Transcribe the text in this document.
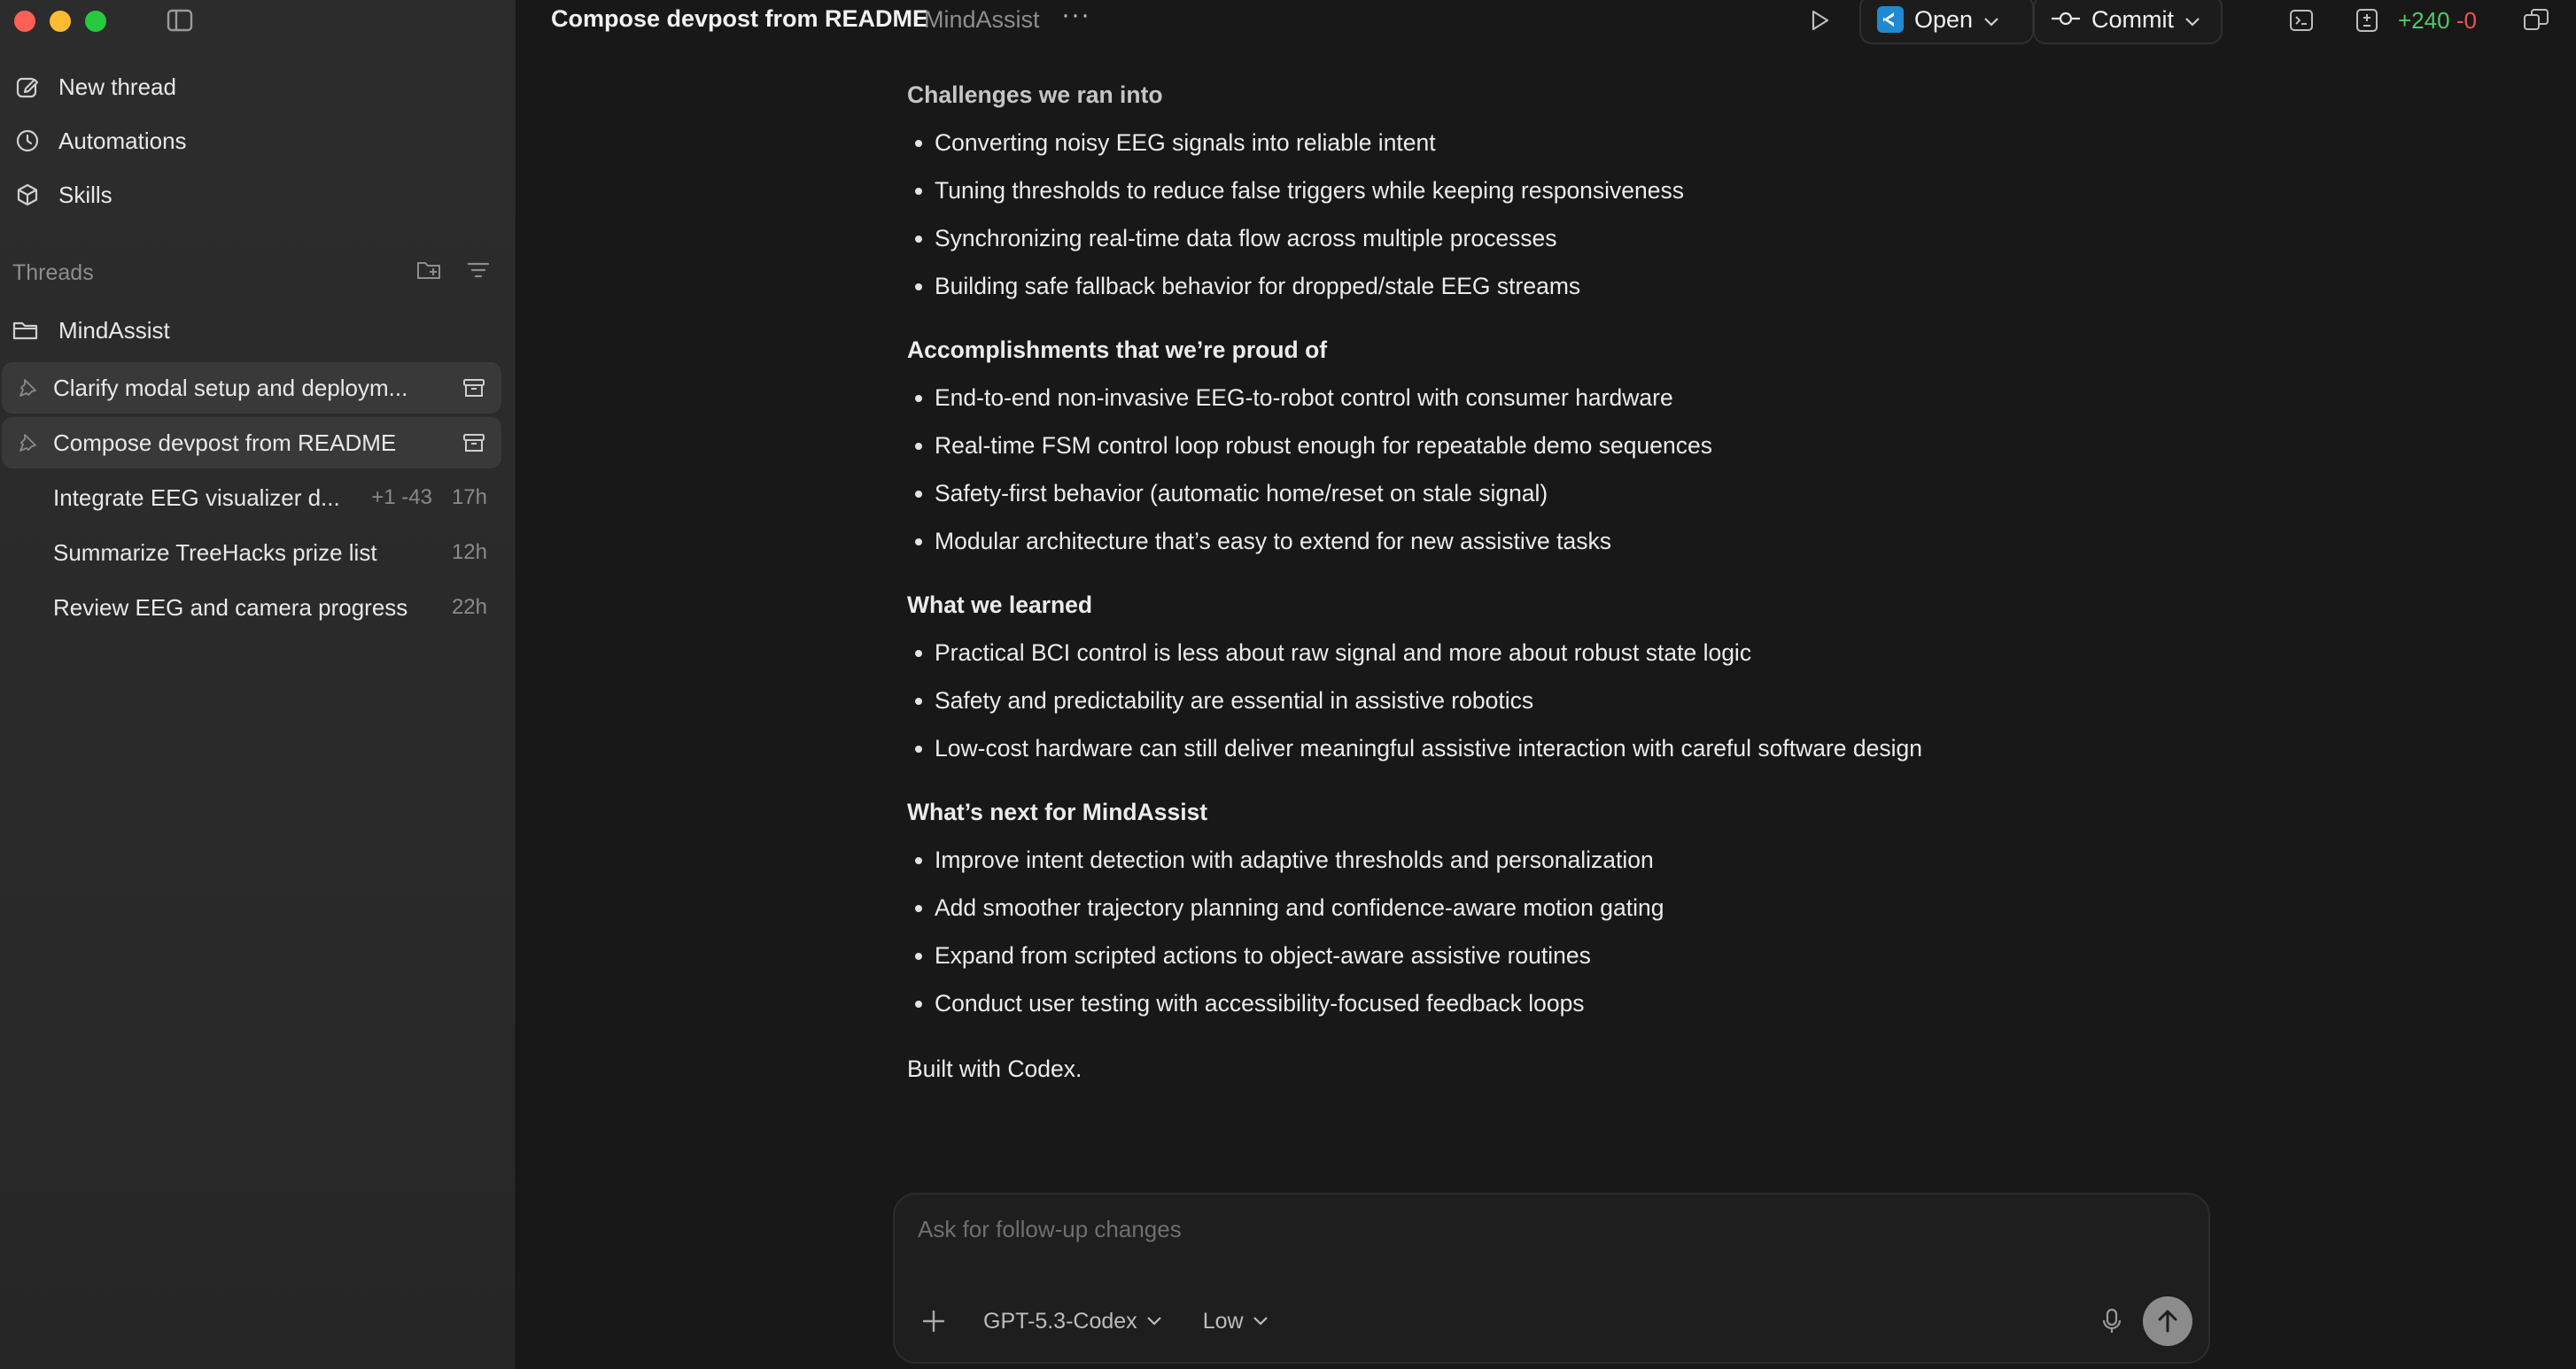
New thread
Automations
Skills
Threads
MindAssist
Clarify modal setup and deploym...
Compose devpost from README
Integrate EEG visualizer d... +1 -43 17h
Summarize TreeHacks prize list	12h
Review EEG and camera progress 22h
Compose devpost from README
MindAssist ···	Open	Commit	+240 -0
Challenges we ran into
Converting noisy EEG signals into reliable intent
Tuning thresholds to reduce false triggers while keeping responsiveness
Synchronizing real-time data flow across multiple processes
Building safe fallback behavior for dropped/stale EEG streams
Accomplishments that we’re proud of
End-to-end non-invasive EEG-to-robot control with consumer hardware
Real-time FSM control loop robust enough for repeatable demo sequences
Safety-first behavior (automatic home/reset on stale signal)
Modular architecture that’s easy to extend for new assistive tasks
What we learned
Practical BCI control is less about raw signal and more about robust state logic
Safety and predictability are essential in assistive robotics
Low-cost hardware can still deliver meaningful assistive interaction with careful software design
What’s next for MindAssist
Improve intent detection with adaptive thresholds and personalization
Add smoother trajectory planning and confidence-aware motion gating
Expand from scripted actions to object-aware assistive routines
Conduct user testing with accessibility-focused feedback loops
Built with Codex.
Ask for follow-up changes
GPT-5.3-Codex	Low
